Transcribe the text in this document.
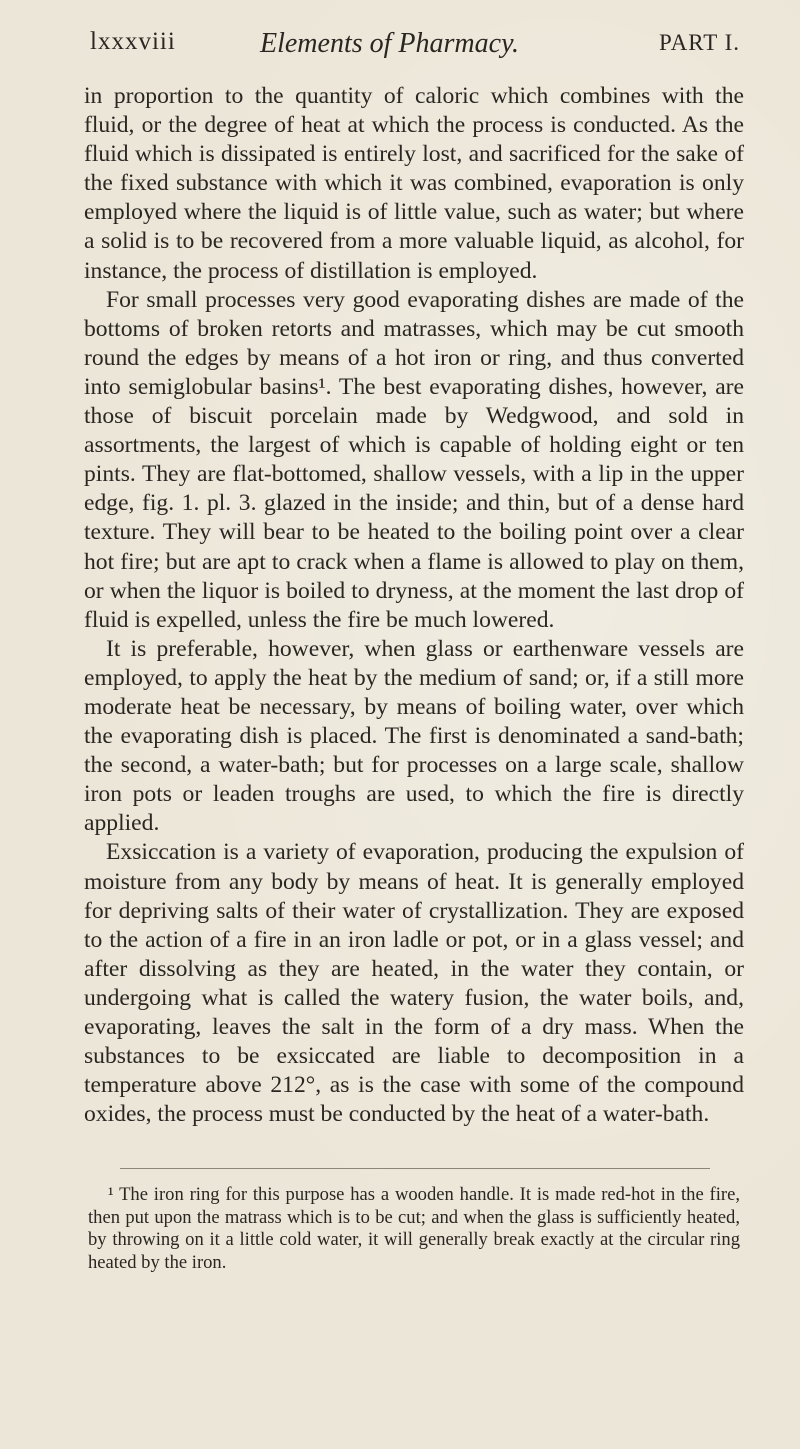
lxxxviii	Elements of Pharmacy.	PART I.

in proportion to the quantity of caloric which combines with the fluid, or the degree of heat at which the process is conducted. As the fluid which is dissipated is entirely lost, and sacrificed for the sake of the fixed substance with which it was combined, evaporation is only employed where the liquid is of little value, such as water; but where a solid is to be recovered from a more valuable liquid, as alcohol, for instance, the process of distillation is employed.

For small processes very good evaporating dishes are made of the bottoms of broken retorts and matrasses, which may be cut smooth round the edges by means of a hot iron or ring, and thus converted into semiglobular basins¹. The best evaporating dishes, however, are those of biscuit porcelain made by Wedgwood, and sold in assortments, the largest of which is capable of holding eight or ten pints. They are flat-bottomed, shallow vessels, with a lip in the upper edge, fig. 1. pl. 3. glazed in the inside; and thin, but of a dense hard texture. They will bear to be heated to the boiling point over a clear hot fire; but are apt to crack when a flame is allowed to play on them, or when the liquor is boiled to dryness, at the moment the last drop of fluid is expelled, unless the fire be much lowered.

It is preferable, however, when glass or earthenware vessels are employed, to apply the heat by the medium of sand; or, if a still more moderate heat be necessary, by means of boiling water, over which the evaporating dish is placed. The first is denominated a sand-bath; the second, a water-bath; but for processes on a large scale, shallow iron pots or leaden troughs are used, to which the fire is directly applied.

Exsiccation is a variety of evaporation, producing the expulsion of moisture from any body by means of heat. It is generally employed for depriving salts of their water of crystallization. They are exposed to the action of a fire in an iron ladle or pot, or in a glass vessel; and after dissolving as they are heated, in the water they contain, or undergoing what is called the watery fusion, the water boils, and, evaporating, leaves the salt in the form of a dry mass. When the substances to be exsiccated are liable to decomposition in a temperature above 212°, as is the case with some of the compound oxides, the process must be conducted by the heat of a water-bath.

¹ The iron ring for this purpose has a wooden handle. It is made red-hot in the fire, then put upon the matrass which is to be cut; and when the glass is sufficiently heated, by throwing on it a little cold water, it will generally break exactly at the circular ring heated by the iron.
